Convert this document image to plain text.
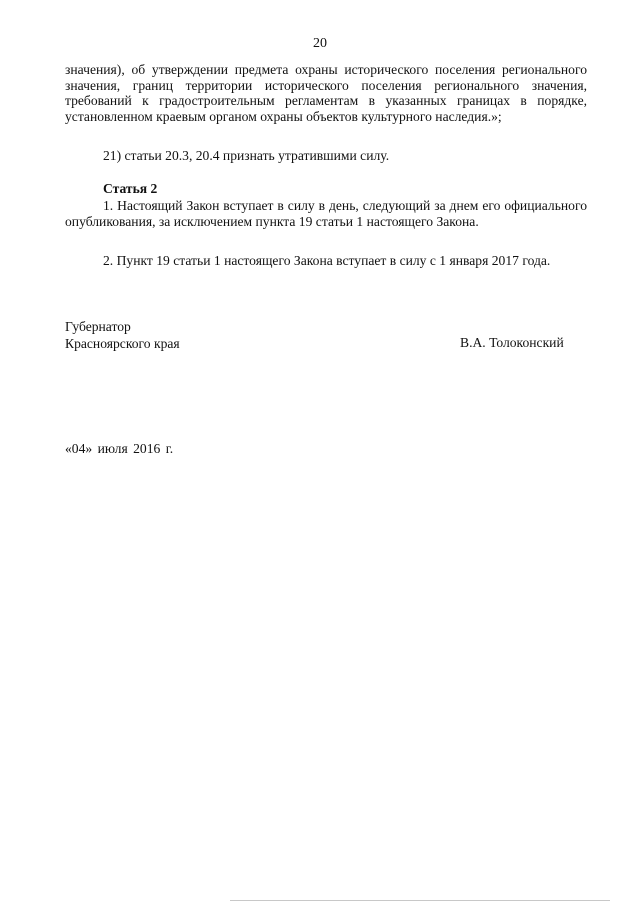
20
значения), об утверждении предмета охраны исторического поселения регионального значения, границ территории исторического поселения регионального значения, требований к градостроительным регламентам в указанных границах в порядке, установленном краевым органом охраны объектов культурного наследия.»;
21) статьи 20.3, 20.4 признать утратившими силу.
Статья 2
1. Настоящий Закон вступает в силу в день, следующий за днем его официального опубликования, за исключением пункта 19 статьи 1 настоящего Закона.
2. Пункт 19 статьи 1 настоящего Закона вступает в силу с 1 января 2017 года.
Губернатор
Красноярского края	В.А. Толоконский
«04» июля 2016 г.
